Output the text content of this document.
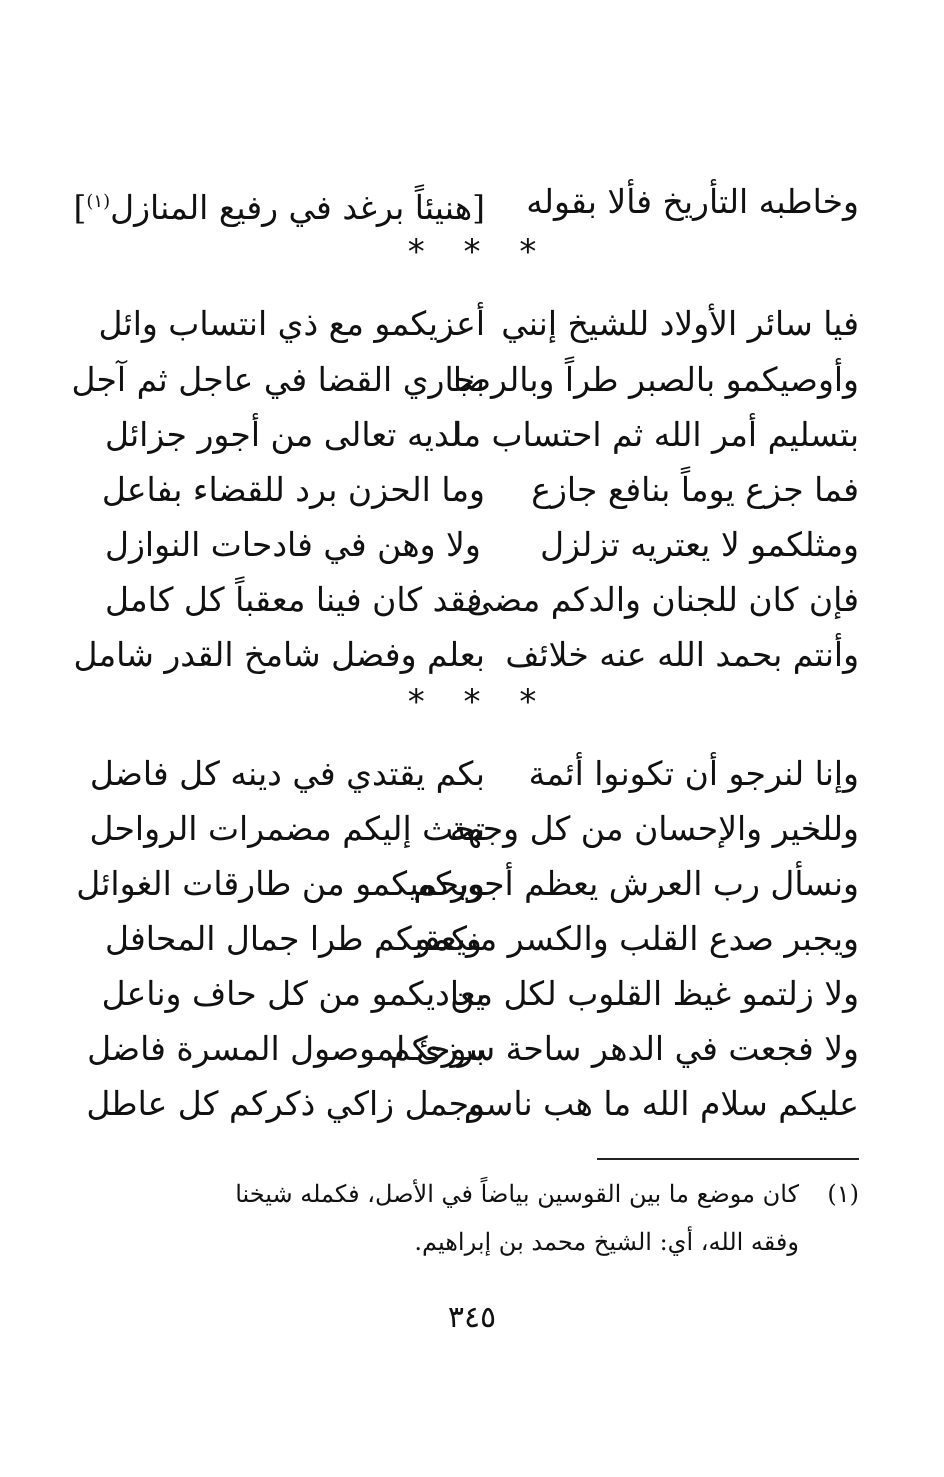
وخاطبه التأريخ فألا بقوله
[هنيئاً برغد في رفيع المنازل$^{(١)}$]
* * *
فيا سائر الأولاد للشيخ إنني
أعزيكمو مع ذي انتساب وائل
وأوصيكمو بالصبر طراً وبالرضا
بجاري القضا في عاجل ثم آجل
بتسليم أمر الله ثم احتساب ما
لديه تعالى من أجور جزائل
فما جزع يوماً بنافع جازع
وما الحزن برد للقضاء بفاعل
ومثلكمو لا يعتريه تزلزل
ولا وهن في فادحات النوازل
فإن كان للجنان والدكم مضى
فقد كان فينا معقباً كل كامل
وأنتم بحمد الله عنه خلائف
بعلم وفضل شامخ القدر شامل
* * *
وإنا لنرجو أن تكونوا أئمة
بكم يقتدي في دينه كل فاضل
وللخير والإحسان من كل وجهة
تحث إليكم مضمرات الرواحل
ونسأل رب العرش يعظم أجوركم
ويحميكمو من طارقات الغوائل
ويجبر صدع القلب والكسر منكمو
ويعقبكم طرا جمال المحافل
ولا زلتمو غيظ القلوب لكل من
يعاديكمو من كل حاف وناعل
ولا فجعت في الدهر ساحة سوحكم
برزئ لموصول المسرة فاضل
عليكم سلام الله ما هب ناسم
وجمل زاكي ذكركم كل عاطل
(١)كان موضع ما بين القوسين بياضاً في الأصل، فكمله شيخنا
وفقه الله، أي: الشيخ محمد بن إبراهيم.
٣٤٥
